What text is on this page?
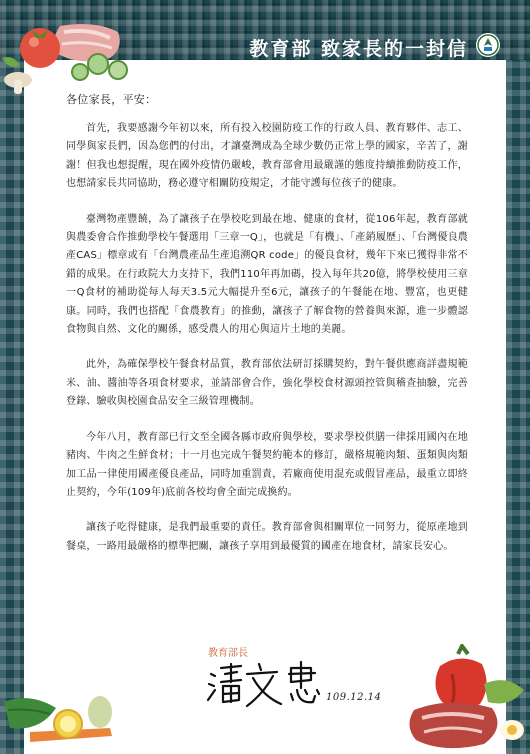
教育部 致家長的一封信
各位家長，平安：

首先，我要感謝今年初以來，所有投入校園防疫工作的行政人員、教育夥伴、志工、同學與家長們，因為您們的付出，才讓臺灣成為全球少數仍正常上學的國家，辛苦了，謝謝！但我也想提醒，現在國外疫情仍嚴峻，教育部會用最嚴謹的態度持續推動防疫工作，也想請家長共同協助，務必遵守相關防疫規定，才能守護每位孩子的健康。

臺灣物產豐饒，為了讓孩子在學校吃到最在地、健康的食材，從106年起，教育部就與農委會合作推動學校午餐選用「三章一Q」，也就是「有機」、「產銷履歷」、「台灣優良農產CAS」標章或有「台灣農產品生產追溯QR code」的優良食材，幾年下來已獲得非常不錯的成果。在行政院大力支持下，我們110年再加碼，投入每年共20億，將學校使用三章一Q食材的補助從每人每天3.5元大幅提升至6元，讓孩子的午餐能在地、豐富，也更健康。同時，我們也搭配「食農教育」的推動，讓孩子了解食物的營養與來源，進一步體認食物與自然、文化的關係，感受農人的用心與這片土地的美麗。

此外，為確保學校午餐食材品質，教育部依法研訂採購契約，對午餐供應商詳盡規範米、油、醬油等各項食材要求，並請部會合作，強化學校食材源頭控管與稽查抽驗，完善登錄、驗收與校園食品安全三級管理機制。

今年八月，教育部已行文至全國各縣市政府與學校，要求學校供膳一律採用國內在地豬肉、牛肉之生鮮食材；十一月也完成午餐契約範本的修訂，嚴格規範肉類、蛋類與肉類加工品一律使用國產優良產品，同時加重罰責，若廠商使用混充或假冒產品，最重立即終止契約，今年(109年)底前各校均會全面完成換約。

讓孩子吃得健康，是我們最重要的責任。教育部會與相關單位一同努力，從原產地到餐桌，一路用最嚴格的標準把關，讓孩子享用到最優質的國產在地食材，請家長安心。

教育部長
109.12.14
